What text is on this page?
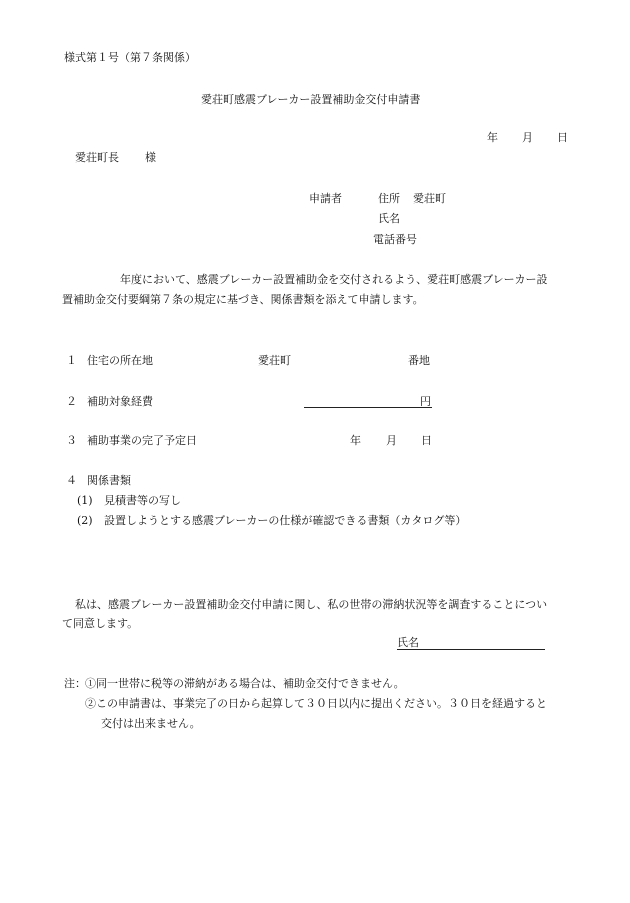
様式第１号（第７条関係）
愛荘町感震ブレーカー設置補助金交付申請書
年 月 日
愛荘町長 様
申請者	住所 愛荘町
氏名
電話番号
年度において、感震ブレーカー設置補助金を交付されるよう、愛荘町感震ブレーカー設
置補助金交付要綱第７条の規定に基づき、関係書類を添えて申請します。
１ 住宅の所在地	愛荘町	番地
２ 補助対象経費	円
３ 補助事業の完了予定日	年 月 日
４ 関係書類
(1) 見積書等の写し
(2) 設置しようとする感震ブレーカーの仕様が確認できる書類（カタログ等）
私は、感震ブレーカー設置補助金交付申請に関し、私の世帯の滞納状況等を調査することについ
て同意します。
氏名
注： ①同一世帯に税等の滞納がある場合は、補助金交付できません。
②この申請書は、事業完了の日から起算して３０日以内に提出ください。３０日を経過すると
交付は出来ません。
